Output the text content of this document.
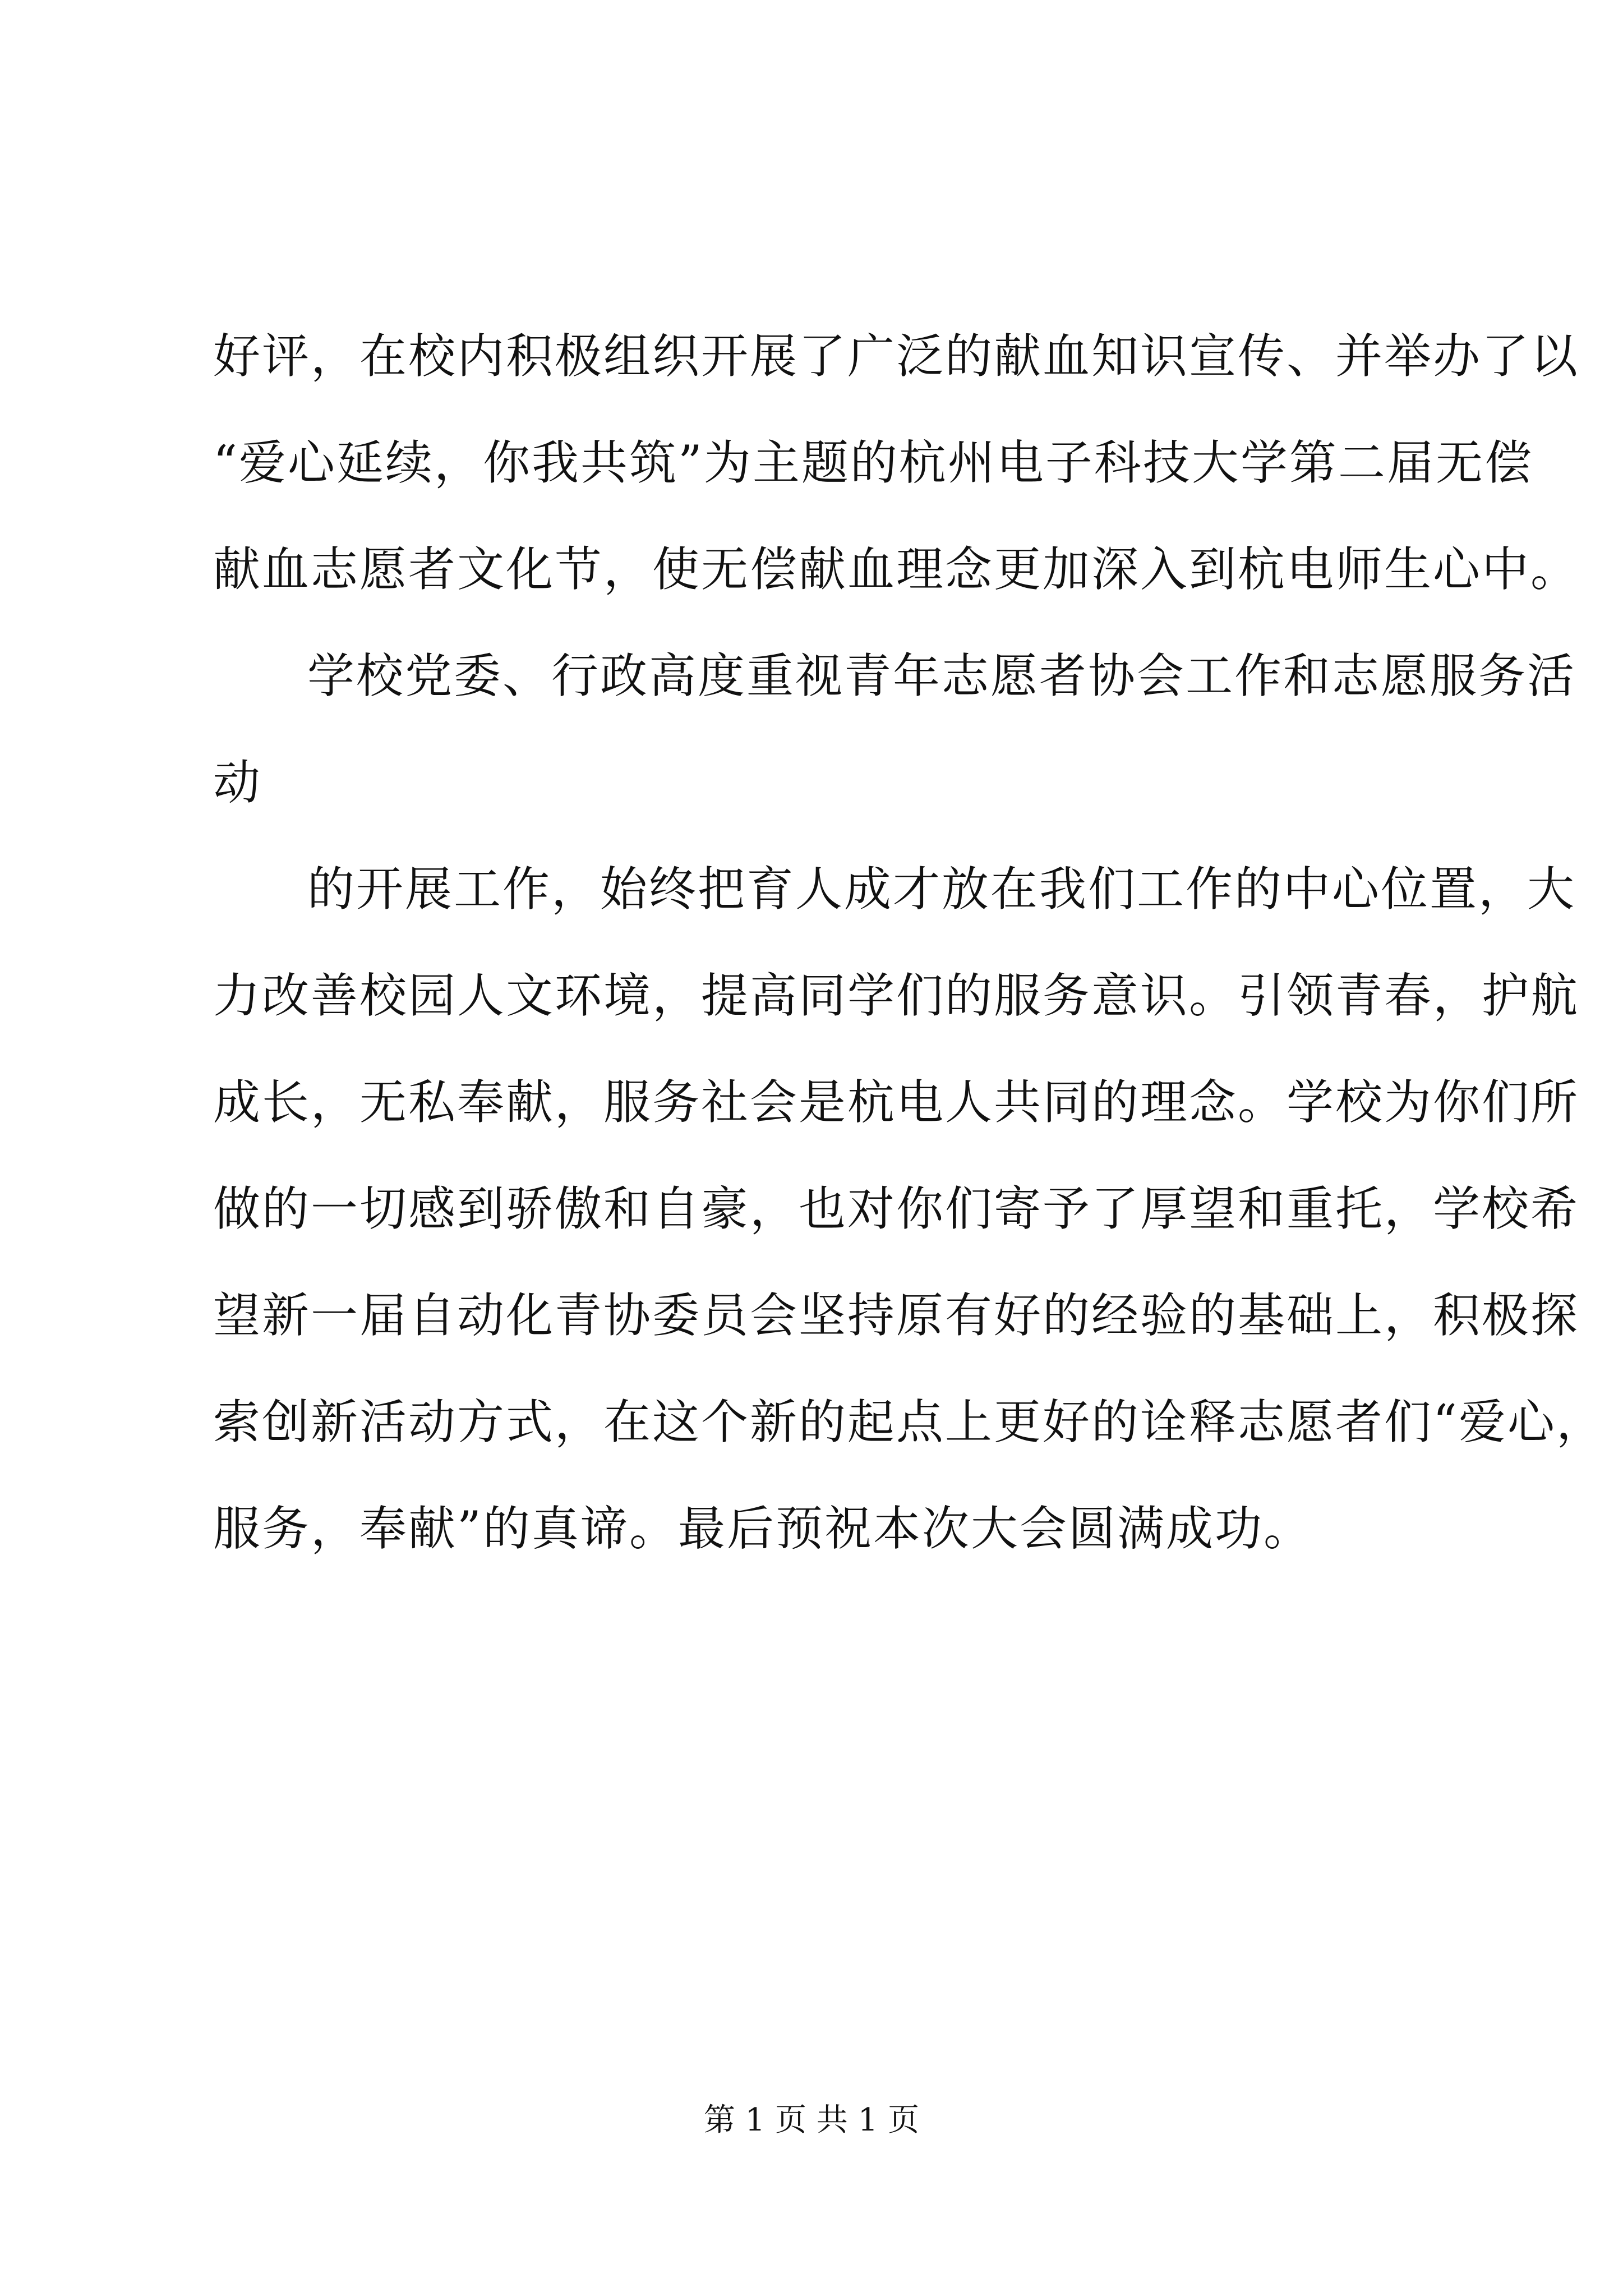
好评，在校内积极组织开展了广泛的献血知识宣传、并举办了以
“爱心延续，你我共筑”为主题的杭州电子科技大学第二届无偿
献血志愿者文化节，使无偿献血理念更加深入到杭电师生心中。
学校党委、行政高度重视青年志愿者协会工作和志愿服务活
动
的开展工作，始终把育人成才放在我们工作的中心位置，大
力改善校园人文环境，提高同学们的服务意识。引领青春，护航
成长，无私奉献，服务社会是杭电人共同的理念。学校为你们所
做的一切感到骄傲和自豪，也对你们寄予了厚望和重托，学校希
望新一届自动化青协委员会坚持原有好的经验的基础上，积极探
索创新活动方式，在这个新的起点上更好的诠释志愿者们“爱心，
服务，奉献”的真谛。最后预祝本次大会圆满成功。
第 1 页 共 1 页
